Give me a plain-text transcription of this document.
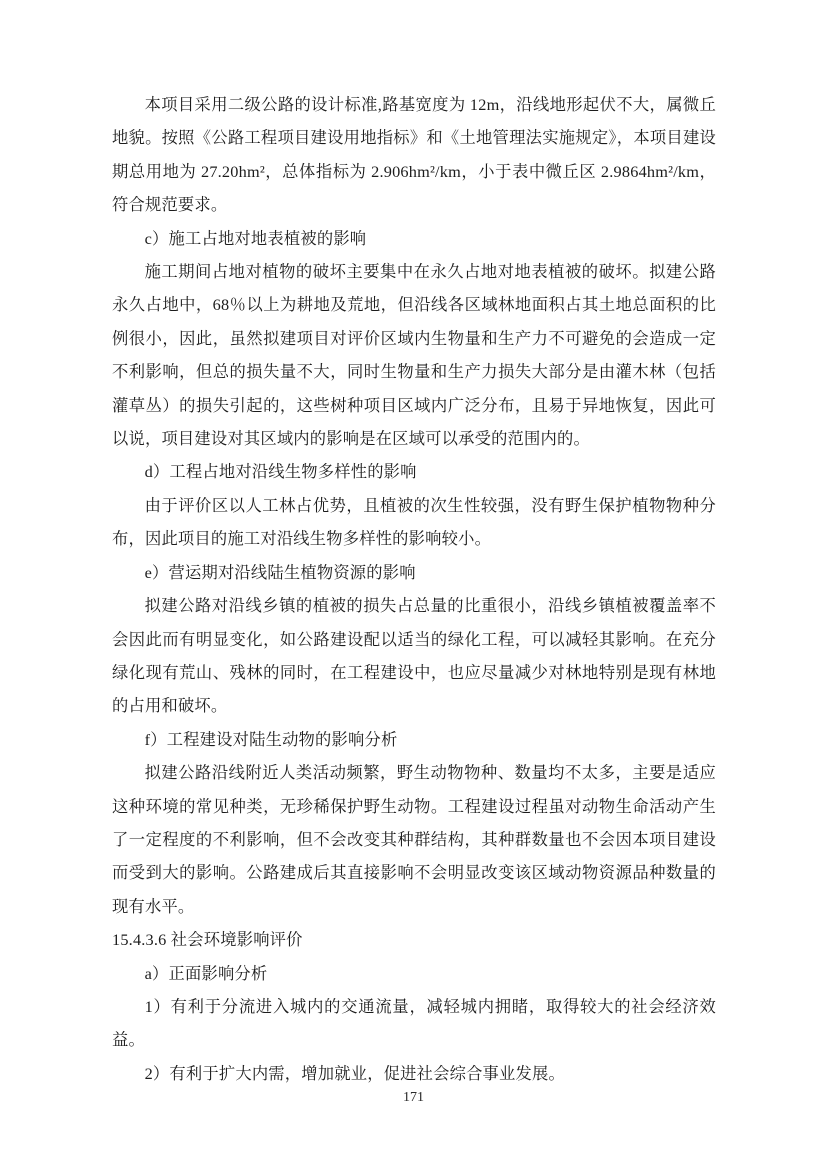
本项目采用二级公路的设计标准,路基宽度为 12m，沿线地形起伏不大，属微丘地貌。按照《公路工程项目建设用地指标》和《土地管理法实施规定》，本项目建设期总用地为 27.20hm²，总体指标为 2.906hm²/km，小于表中微丘区 2.9864hm²/km，符合规范要求。

c）施工占地对地表植被的影响

施工期间占地对植物的破坏主要集中在永久占地对地表植被的破坏。拟建公路永久占地中，68％以上为耕地及荒地，但沿线各区域林地面积占其土地总面积的比例很小，因此，虽然拟建项目对评价区域内生物量和生产力不可避免的会造成一定不利影响，但总的损失量不大，同时生物量和生产力损失大部分是由灌木林（包括灌草丛）的损失引起的，这些树种项目区域内广泛分布，且易于异地恢复，因此可以说，项目建设对其区域内的影响是在区域可以承受的范围内的。

d）工程占地对沿线生物多样性的影响

由于评价区以人工林占优势，且植被的次生性较强，没有野生保护植物物种分布，因此项目的施工对沿线生物多样性的影响较小。

e）营运期对沿线陆生植物资源的影响

拟建公路对沿线乡镇的植被的损失占总量的比重很小，沿线乡镇植被覆盖率不会因此而有明显变化，如公路建设配以适当的绿化工程，可以减轻其影响。在充分绿化现有荒山、残林的同时，在工程建设中，也应尽量减少对林地特别是现有林地的占用和破坏。

f）工程建设对陆生动物的影响分析

拟建公路沿线附近人类活动频繁，野生动物物种、数量均不太多，主要是适应这种环境的常见种类，无珍稀保护野生动物。工程建设过程虽对动物生命活动产生了一定程度的不利影响，但不会改变其种群结构，其种群数量也不会因本项目建设而受到大的影响。公路建成后其直接影响不会明显改变该区域动物资源品种数量的现有水平。

15.4.3.6 社会环境影响评价

a）正面影响分析

1）有利于分流进入城内的交通流量，减轻城内拥睹，取得较大的社会经济效益。

2）有利于扩大内需，增加就业，促进社会综合事业发展。

171
